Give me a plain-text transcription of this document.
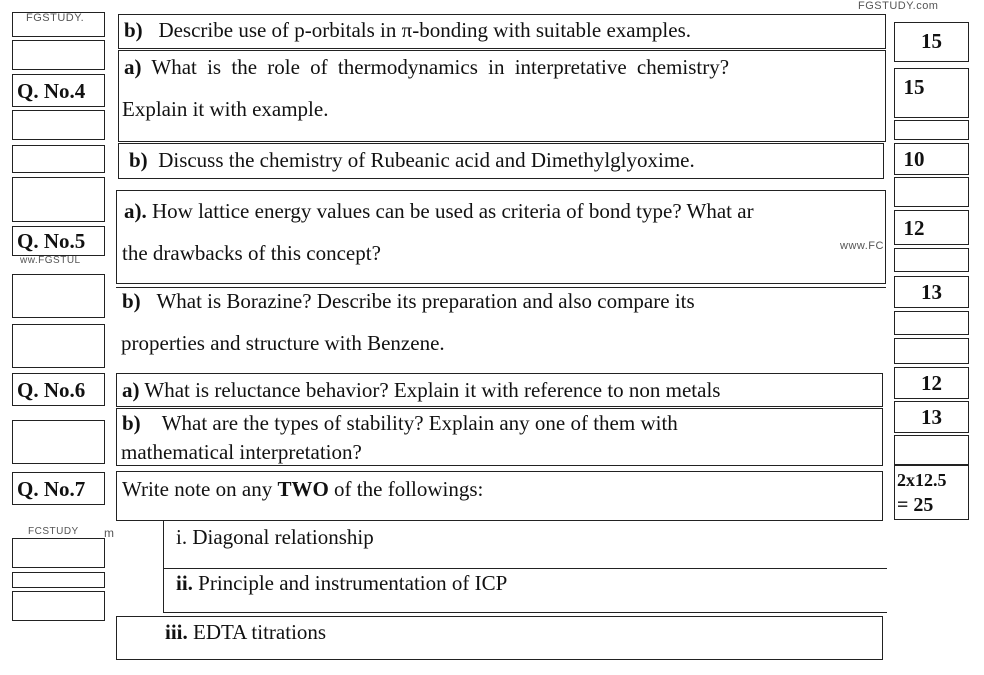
FGSTUDY.
FGSTUDY.com
www.FC
ww.FGSTUL
FCSTUDY m
Q. No.4
Q. No.5
Q. No.6
Q. No.7
b) Describe use of p-orbitals in π-bonding with suitable examples.
a) What is the role of thermodynamics in interpretative chemistry?
Explain it with example.
b) Discuss the chemistry of Rubeanic acid and Dimethylglyoxime.
a). How lattice energy values can be used as criteria of bond type? What ar
the drawbacks of this concept?
b) What is Borazine? Describe its preparation and also compare its
properties and structure with Benzene.
a) What is reluctance behavior? Explain it with reference to non metals
b) What are the types of stability? Explain any one of them with
mathematical interpretation?
Write note on any TWO of the followings:
i. Diagonal relationship
ii. Principle and instrumentation of ICP
iii. EDTA titrations
15
15
10
12
13
12
13
2x12.5
= 25
